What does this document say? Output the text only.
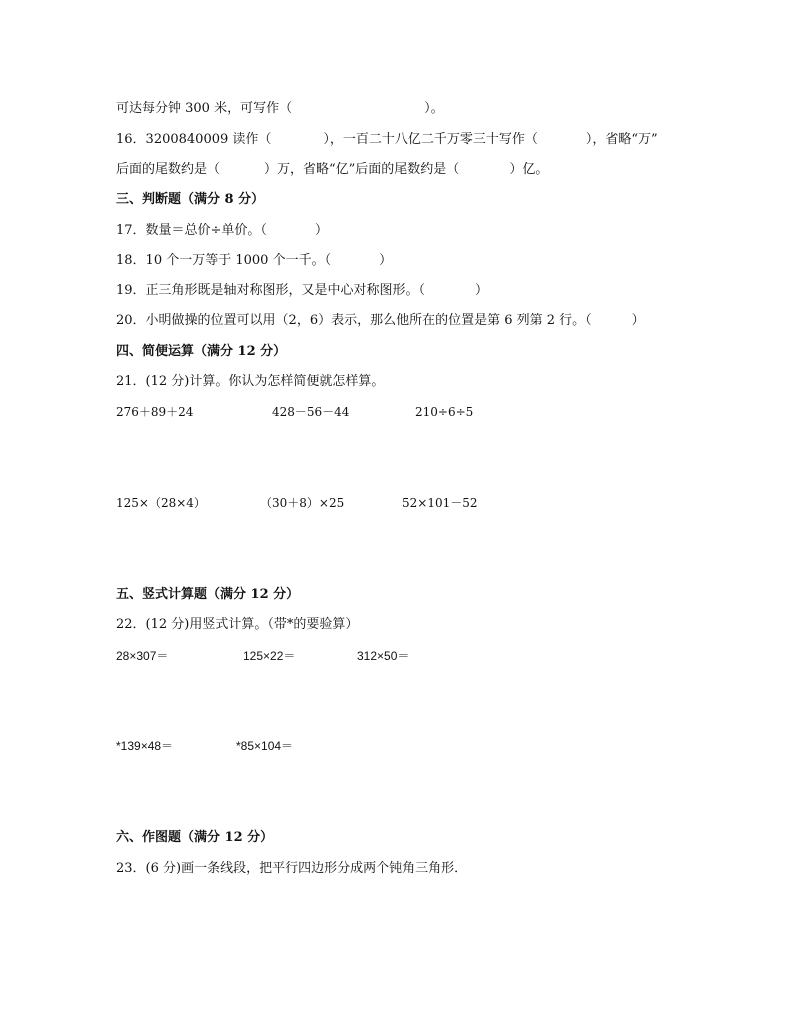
可达每分钟 300 米，可写作（	）。
16．3200840009 读作（	），一百二十八亿二千万零三十写作（	），省略“万”
后面的尾数约是（	）万，省略“亿”后面的尾数约是（	）亿。
三、判断题（满分 8 分）
17．数量＝总价÷单价。（	）
18．10 个一万等于 1000 个一千。（	）
19．正三角形既是轴对称图形，又是中心对称图形。（	）
20．小明做操的位置可以用（2，6）表示，那么他所在的位置是第 6 列第 2 行。（	）
四、简便运算（满分 12 分）
21．(12 分)计算。你认为怎样简便就怎样算。
276＋89＋24	428－56－44	210÷6÷5
125×（28×4）	（30＋8）×25	52×101－52
五、竖式计算题（满分 12 分）
22．(12 分)用竖式计算。（带*的要验算）
28×307＝	125×22＝	312×50＝
*139×48＝	*85×104＝
六、作图题（满分 12 分）
23．(6 分)画一条线段，把平行四边形分成两个钝角三角形．
